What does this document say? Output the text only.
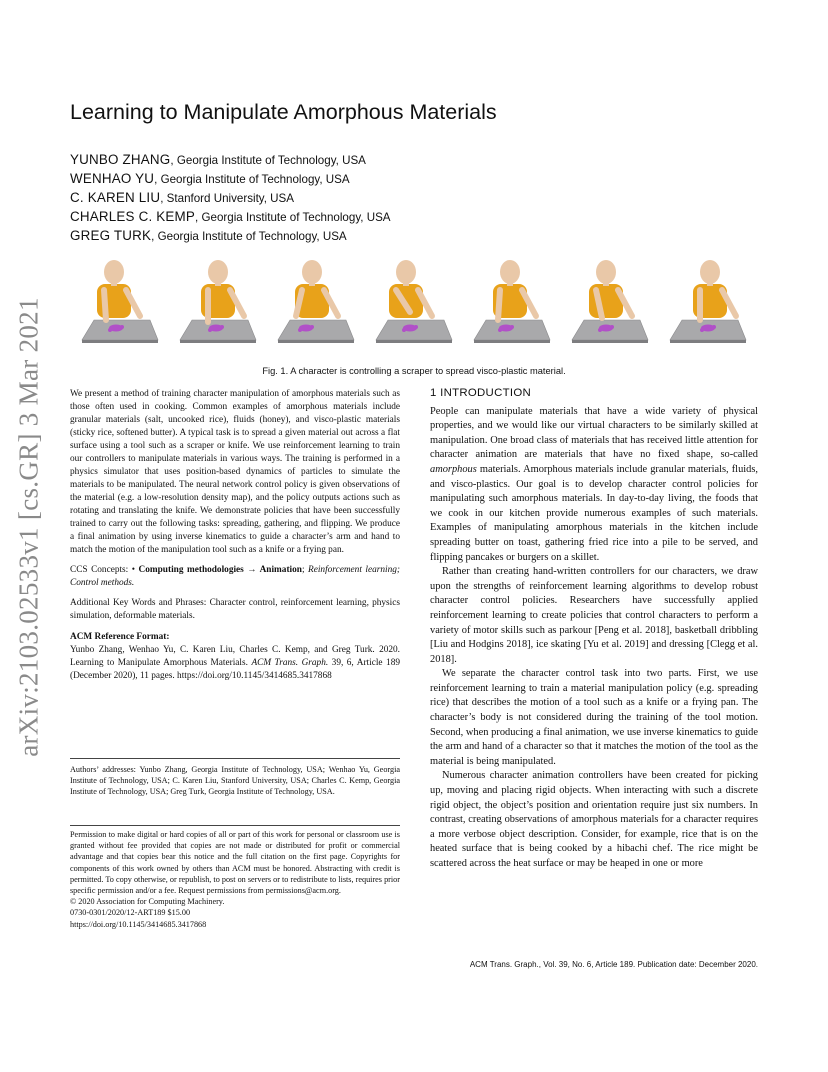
arXiv:2103.02533v1 [cs.GR] 3 Mar 2021
Learning to Manipulate Amorphous Materials
YUNBO ZHANG, Georgia Institute of Technology, USA
WENHAO YU, Georgia Institute of Technology, USA
C. KAREN LIU, Stanford University, USA
CHARLES C. KEMP, Georgia Institute of Technology, USA
GREG TURK, Georgia Institute of Technology, USA
Fig. 1. A character is controlling a scraper to spread visco-plastic material.

We present a method of training character manipulation of amorphous materials such as those often used in cooking. Common examples of amorphous materials include granular materials (salt, uncooked rice), fluids (honey), and visco-plastic materials (sticky rice, softened butter). A typical task is to spread a given material out across a flat surface using a tool such as a scraper or knife. We use reinforcement learning to train our controllers to manipulate materials in various ways. The training is performed in a physics simulator that uses position-based dynamics of particles to simulate the materials to be manipulated. The neural network control policy is given observations of the material (e.g. a low-resolution density map), and the policy outputs actions such as rotating and translating the knife. We demonstrate policies that have been successfully trained to carry out the following tasks: spreading, gathering, and flipping. We produce a final animation by using inverse kinematics to guide a character’s arm and hand to match the motion of the manipulation tool such as a knife or a frying pan.

CCS Concepts: • Computing methodologies → Animation; Reinforcement learning; Control methods.

Additional Key Words and Phrases: Character control, reinforcement learning, physics simulation, deformable materials.

ACM Reference Format:

Yunbo Zhang, Wenhao Yu, C. Karen Liu, Charles C. Kemp, and Greg Turk. 2020. Learning to Manipulate Amorphous Materials. ACM Trans. Graph. 39, 6, Article 189 (December 2020), 11 pages. https://doi.org/10.1145/3414685.3417868

Authors’ addresses: Yunbo Zhang, Georgia Institute of Technology, USA; Wenhao Yu, Georgia Institute of Technology, USA; C. Karen Liu, Stanford University, USA; Charles C. Kemp, Georgia Institute of Technology, USA; Greg Turk, Georgia Institute of Technology, USA.

Permission to make digital or hard copies of all or part of this work for personal or classroom use is granted without fee provided that copies are not made or distributed for profit or commercial advantage and that copies bear this notice and the full citation on the first page. Copyrights for components of this work owned by others than ACM must be honored. Abstracting with credit is permitted. To copy otherwise, or republish, to post on servers or to redistribute to lists, requires prior specific permission and/or a fee. Request permissions from permissions@acm.org.

© 2020 Association for Computing Machinery.

0730-0301/2020/12-ART189 $15.00

https://doi.org/10.1145/3414685.3417868

1 INTRODUCTION

People can manipulate materials that have a wide variety of physical properties, and we would like our virtual characters to be similarly skilled at manipulation. One broad class of materials that has received little attention for character animation are materials that have no fixed shape, so-called amorphous materials. Amorphous materials include granular materials, fluids, and visco-plastics. Our goal is to develop character control policies for manipulating such amorphous materials. In day-to-day living, the foods that we cook in our kitchen provide numerous examples of such materials. Examples of manipulating amorphous materials in the kitchen include spreading butter on toast, gathering fried rice into a pile to be served, and flipping pancakes or burgers on a skillet.

Rather than creating hand-written controllers for our characters, we draw upon the strengths of reinforcement learning algorithms to develop robust character control policies. Researchers have successfully applied reinforcement learning to create policies that control characters to perform a variety of motor skills such as parkour [Peng et al. 2018], basketball dribbling [Liu and Hodgins 2018], ice skating [Yu et al. 2019] and dressing [Clegg et al. 2018].

We separate the character control task into two parts. First, we use reinforcement learning to train a material manipulation policy (e.g. spreading rice) that describes the motion of a tool such as a knife or a frying pan. The character’s body is not considered during the training of the tool motion. Second, when producing a final animation, we use inverse kinematics to guide the arm and hand of a character so that it matches the motion of the tool as the material is being manipulated.

Numerous character animation controllers have been created for picking up, moving and placing rigid objects. When interacting with such a discrete rigid object, the object’s position and orientation require just six numbers. In contrast, creating observations of amorphous materials for a character requires a more verbose object description. Consider, for example, rice that is on the heated surface that is being cooked by a hibachi chef. The rice might be scattered across the heat surface or may be heaped in one or more

ACM Trans. Graph., Vol. 39, No. 6, Article 189. Publication date: December 2020.
